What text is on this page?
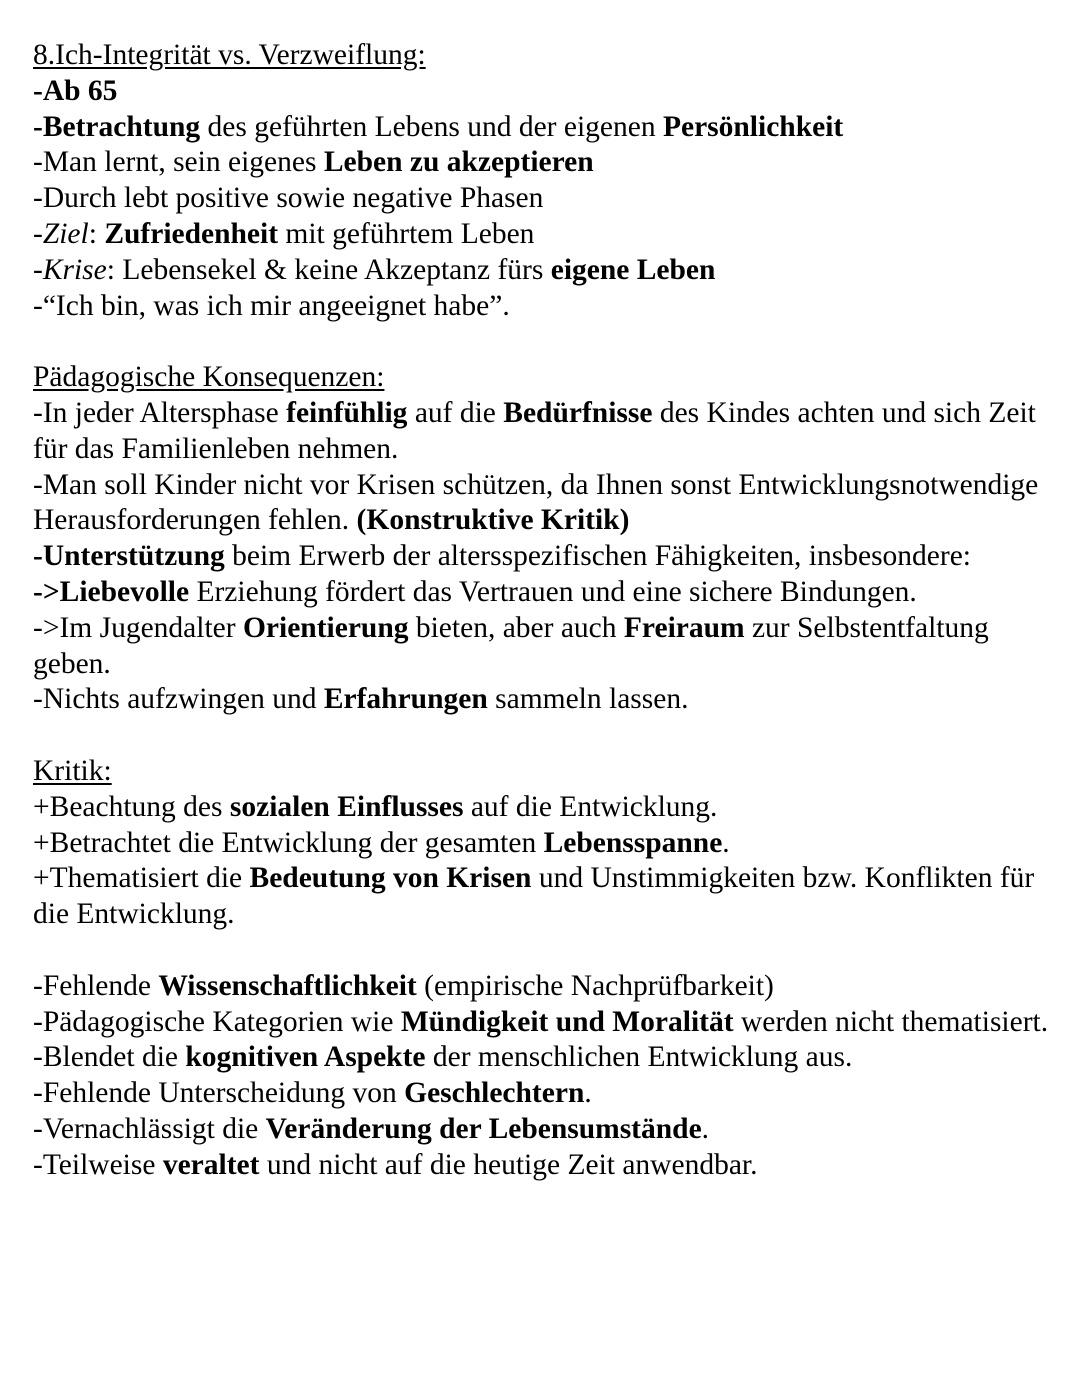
8.Ich-Integrität vs. Verzweiflung:
-Ab 65
-Betrachtung des geführten Lebens und der eigenen Persönlichkeit
-Man lernt, sein eigenes Leben zu akzeptieren
-Durch lebt positive sowie negative Phasen
-Ziel: Zufriedenheit mit geführtem Leben
-Krise: Lebensekel & keine Akzeptanz fürs eigene Leben
-“Ich bin, was ich mir angeeignet habe”.
Pädagogische Konsequenzen:
-In jeder Altersphase feinfühlig auf die Bedürfnisse des Kindes achten und sich Zeit für das Familienleben nehmen.
-Man soll Kinder nicht vor Krisen schützen, da Ihnen sonst Entwicklungsnotwendige Herausforderungen fehlen. (Konstruktive Kritik)
-Unterstützung beim Erwerb der altersspezifischen Fähigkeiten, insbesondere:
->Liebevolle Erziehung fördert das Vertrauen und eine sichere Bindungen.
->Im Jugendalter Orientierung bieten, aber auch Freiraum zur Selbstentfaltung geben.
-Nichts aufzwingen und Erfahrungen sammeln lassen.
Kritik:
+Beachtung des sozialen Einflusses auf die Entwicklung.
+Betrachtet die Entwicklung der gesamten Lebensspanne.
+Thematisiert die Bedeutung von Krisen und Unstimmigkeiten bzw. Konflikten für die Entwicklung.
-Fehlende Wissenschaftlichkeit (empirische Nachprüfbarkeit)
-Pädagogische Kategorien wie Mündigkeit und Moralität werden nicht thematisiert.
-Blendet die kognitiven Aspekte der menschlichen Entwicklung aus.
-Fehlende Unterscheidung von Geschlechtern.
-Vernachlässigt die Veränderung der Lebensumstände.
-Teilweise veraltet und nicht auf die heutige Zeit anwendbar.
